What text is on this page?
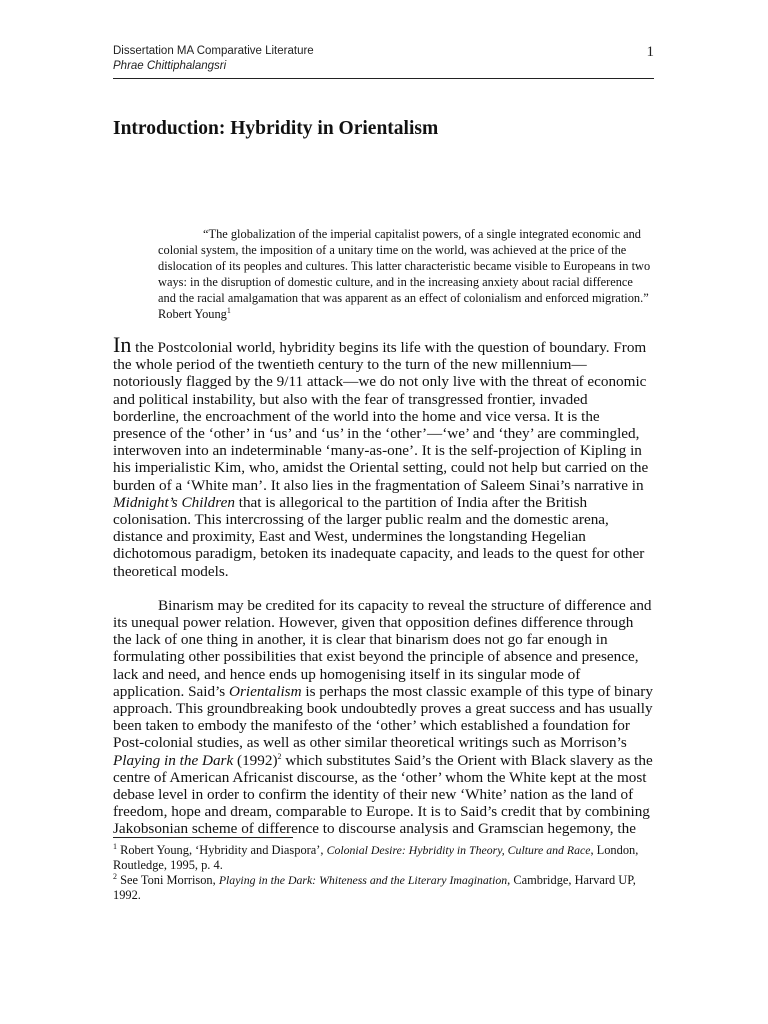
Dissertation MA Comparative Literature
Phrae Chittiphalangsri
1
Introduction: Hybridity in Orientalism

“The globalization of the imperial capitalist powers, of a single integrated economic and colonial system, the imposition of a unitary time on the world, was achieved at the price of the dislocation of its peoples and cultures. This latter characteristic became visible to Europeans in two ways: in the disruption of domestic culture, and in the increasing anxiety about racial difference and the racial amalgamation that was apparent as an effect of colonialism and enforced migration.” Robert Young$^1$

In the Postcolonial world, hybridity begins its life with the question of boundary. From the whole period of the twentieth century to the turn of the new millennium—notoriously flagged by the 9/11 attack—we do not only live with the threat of economic and political instability, but also with the fear of transgressed frontier, invaded borderline, the encroachment of the world into the home and vice versa. It is the presence of the ‘other’ in ‘us’ and ‘us’ in the ‘other’—‘we’ and ‘they’ are commingled, interwoven into an indeterminable ‘many-as-one’. It is the self-projection of Kipling in his imperialistic Kim, who, amidst the Oriental setting, could not help but carried on the burden of a ‘White man’. It also lies in the fragmentation of Saleem Sinai’s narrative in Midnight’s Children that is allegorical to the partition of India after the British colonisation. This intercrossing of the larger public realm and the domestic arena, distance and proximity, East and West, undermines the longstanding Hegelian dichotomous paradigm, betoken its inadequate capacity, and leads to the quest for other theoretical models.

Binarism may be credited for its capacity to reveal the structure of difference and its unequal power relation. However, given that opposition defines difference through the lack of one thing in another, it is clear that binarism does not go far enough in formulating other possibilities that exist beyond the principle of absence and presence, lack and need, and hence ends up homogenising itself in its singular mode of application. Said’s Orientalism is perhaps the most classic example of this type of binary approach. This groundbreaking book undoubtedly proves a great success and has usually been taken to embody the manifesto of the ‘other’ which established a foundation for Post-colonial studies, as well as other similar theoretical writings such as Morrison’s Playing in the Dark $(1992)^2$ which substitutes Said’s the Orient with Black slavery as the centre of American Africanist discourse, as the ‘other’ whom the White kept at the most debase level in order to confirm the identity of their new ‘White’ nation as the land of freedom, hope and dream, comparable to Europe. It is to Said’s credit that by combining Jakobsonian scheme of difference to discourse analysis and Gramscian hegemony, the

$^1$ Robert Young, ‘Hybridity and Diaspora’, Colonial Desire: Hybridity in Theory, Culture and Race, London, Routledge, 1995, p. 4.

$^2$ See Toni Morrison, Playing in the Dark: Whiteness and the Literary Imagination, Cambridge, Harvard UP, 1992.
